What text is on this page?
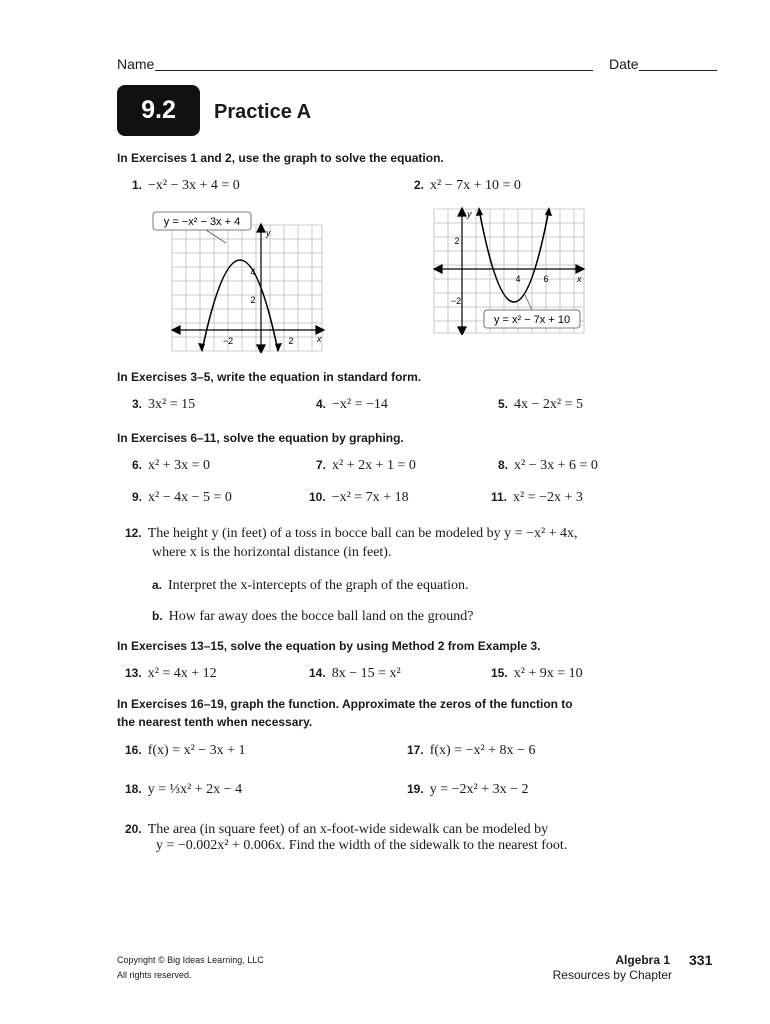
Name	Date
9.2	Practice A
In Exercises 1 and 2, use the graph to solve the equation.
1. −x² − 3x + 4 = 0	2. x² − 7x + 10 = 0
y = −x² − 3x + 4
y
x
−2	2
2
4
y = x² − 7x + 10
y
x
4	6
2
−2
In Exercises 3–5, write the equation in standard form.
3. 3x² = 15	4. −x² = −14	5. 4x − 2x² = 5
In Exercises 6–11, solve the equation by graphing.
6. x² + 3x = 0	7. x² + 2x + 1 = 0	8. x² − 3x + 6 = 0
9. x² − 4x − 5 = 0	10. −x² = 7x + 18	11. x² = −2x + 3
12. The height y (in feet) of a toss in bocce ball can be modeled by y = −x² + 4x,
where x is the horizontal distance (in feet).
a. Interpret the x-intercepts of the graph of the equation.
b. How far away does the bocce ball land on the ground?
In Exercises 13–15, solve the equation by using Method 2 from Example 3.
13. x² = 4x + 12	14. 8x − 15 = x²	15. x² + 9x = 10
In Exercises 16–19, graph the function. Approximate the zeros of the function to
the nearest tenth when necessary.
16. f(x) = x² − 3x + 1	17. f(x) = −x² + 8x − 6
18. y = ⅓x² + 2x − 4	19. y = −2x² + 3x − 2
20. The area (in square feet) of an x-foot-wide sidewalk can be modeled by
y = −0.002x² + 0.006x. Find the width of the sidewalk to the nearest foot.
Copyright © Big Ideas Learning, LLC
All rights reserved.
Algebra 1
Resources by Chapter
331
